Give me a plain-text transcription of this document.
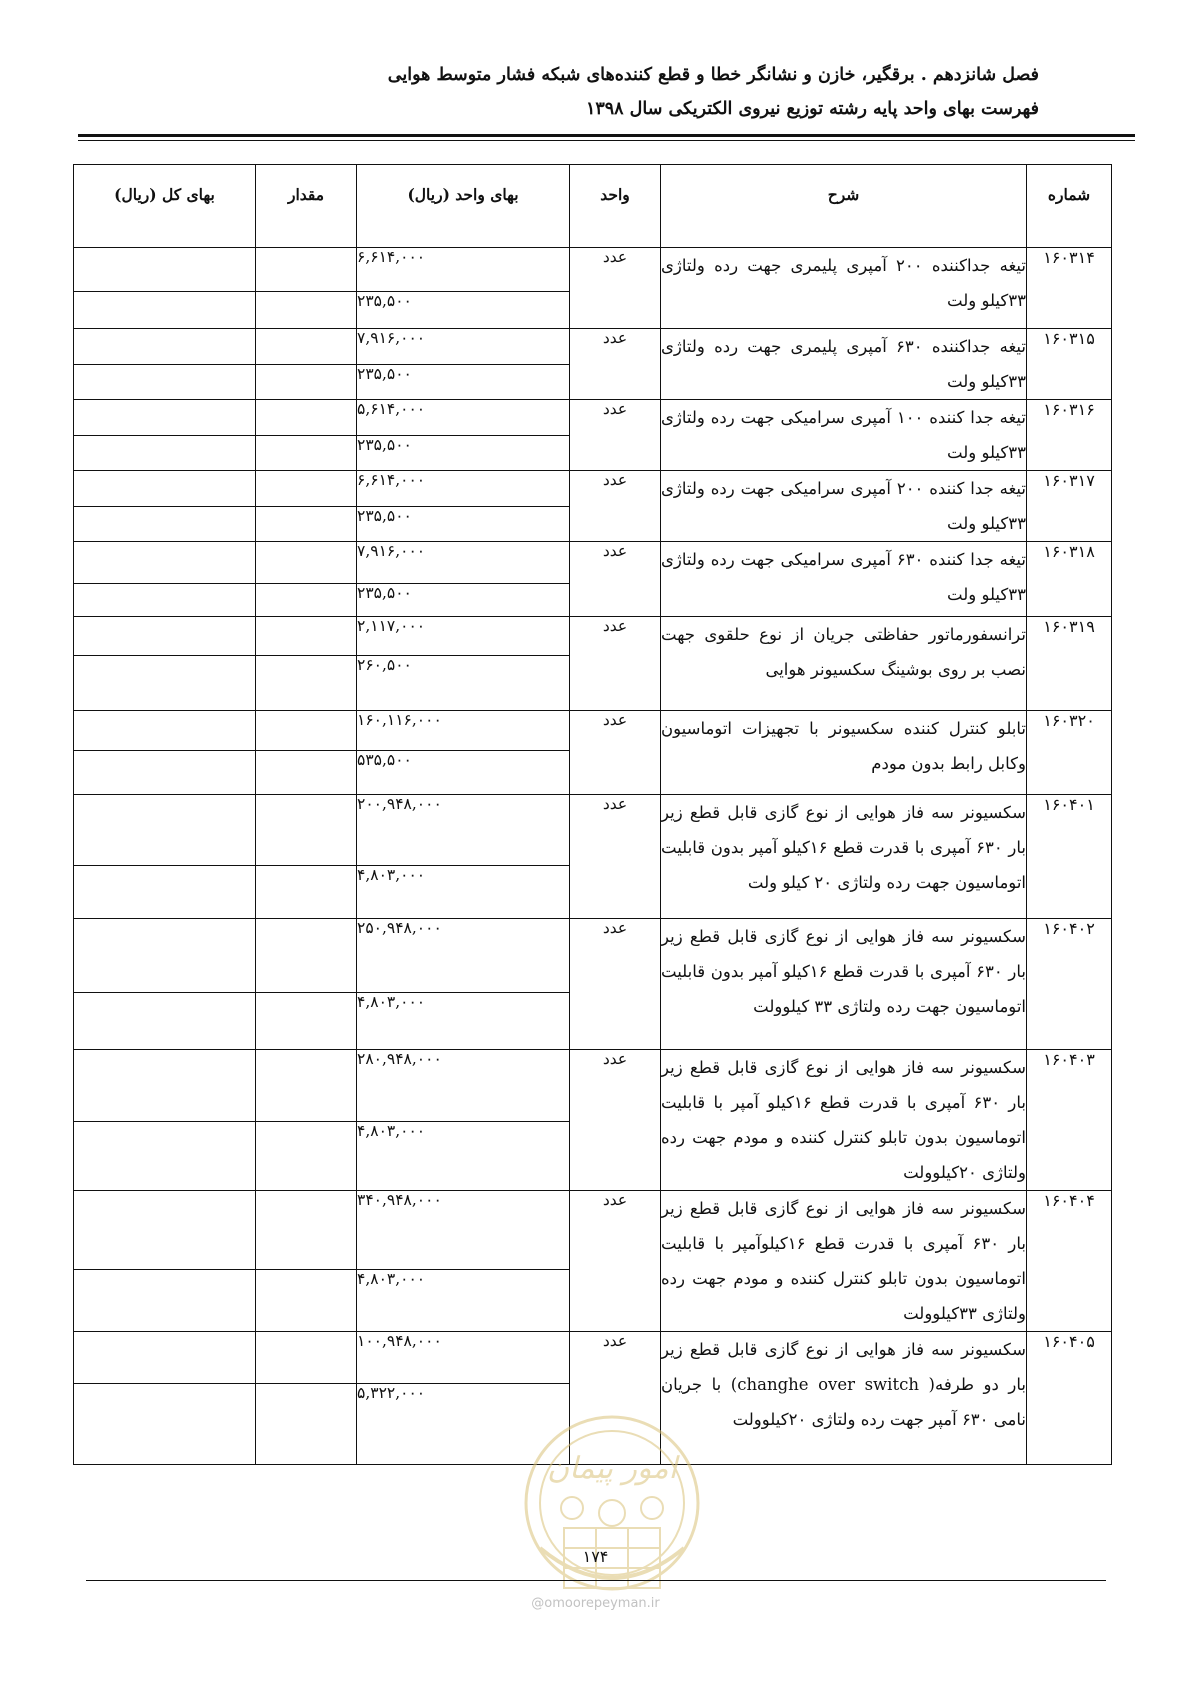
فصل شانزدهم . برقگیر، خازن و نشانگر خطا و قطع کننده‌های شبکه فشار متوسط هوایی
فهرست بهای واحد پایه رشته توزیع نیروی الکتریکی سال ۱۳۹۸
شماره	شرح	واحد	بهای واحد (ریال)	مقدار	بهای کل (ریال)
۱۶۰۳۱۴	تیغه جداکننده ۲۰۰ آمپری پلیمری جهت رده ولتاژی ۳۳کیلو ولت	عدد	۶,۶۱۴,۰۰۰		
			۲۳۵,۵۰۰		
۱۶۰۳۱۵	تیغه جداکننده ۶۳۰ آمپری پلیمری جهت رده ولتاژی ۳۳کیلو ولت	عدد	۷,۹۱۶,۰۰۰		
			۲۳۵,۵۰۰		
۱۶۰۳۱۶	تیغه جدا کننده ۱۰۰ آمپری سرامیکی جهت رده ولتاژی ۳۳کیلو ولت	عدد	۵,۶۱۴,۰۰۰		
			۲۳۵,۵۰۰		
۱۶۰۳۱۷	تیغه جدا کننده ۲۰۰ آمپری سرامیکی جهت رده ولتاژی ۳۳کیلو ولت	عدد	۶,۶۱۴,۰۰۰		
			۲۳۵,۵۰۰		
۱۶۰۳۱۸	تیغه جدا کننده ۶۳۰ آمپری سرامیکی جهت رده ولتاژی ۳۳کیلو ولت	عدد	۷,۹۱۶,۰۰۰		
			۲۳۵,۵۰۰		
۱۶۰۳۱۹	ترانسفورماتور حفاظتی جریان از نوع حلقوی جهت نصب بر روی بوشینگ سکسیونر هوایی	عدد	۲,۱۱۷,۰۰۰		
			۲۶۰,۵۰۰		
۱۶۰۳۲۰	تابلو کنترل کننده سکسیونر با تجهیزات اتوماسیون وکابل رابط بدون مودم	عدد	۱۶۰,۱۱۶,۰۰۰		
			۵۳۵,۵۰۰		
۱۶۰۴۰۱	سکسیونر سه فاز هوایی از نوع گازی قابل قطع زیر بار ۶۳۰ آمپری با قدرت قطع ۱۶کیلو آمپر بدون قابلیت اتوماسیون جهت رده ولتاژی ۲۰ کیلو ولت	عدد	۲۰۰,۹۴۸,۰۰۰		
			۴,۸۰۳,۰۰۰		
۱۶۰۴۰۲	سکسیونر سه فاز هوایی از نوع گازی قابل قطع زیر بار ۶۳۰ آمپری با قدرت قطع ۱۶کیلو آمپر بدون قابلیت اتوماسیون جهت رده ولتاژی ۳۳ کیلوولت	عدد	۲۵۰,۹۴۸,۰۰۰		
			۴,۸۰۳,۰۰۰		
۱۶۰۴۰۳	سکسیونر سه فاز هوایی از نوع گازی قابل قطع زیر بار ۶۳۰ آمپری با قدرت قطع ۱۶کیلو آمپر با قابلیت اتوماسیون بدون تابلو کنترل کننده و مودم جهت رده ولتاژی ۲۰کیلوولت	عدد	۲۸۰,۹۴۸,۰۰۰		
			۴,۸۰۳,۰۰۰		
۱۶۰۴۰۴	سکسیونر سه فاز هوایی از نوع گازی قابل قطع زیر بار ۶۳۰ آمپری با قدرت قطع ۱۶کیلوآمپر با قابلیت اتوماسیون بدون تابلو کنترل کننده و مودم جهت رده ولتاژی ۳۳کیلوولت	عدد	۳۴۰,۹۴۸,۰۰۰		
			۴,۸۰۳,۰۰۰		
۱۶۰۴۰۵	سکسیونر سه فاز هوایی از نوع گازی قابل قطع زیر بار دو طرفه( changhe over switch) با جریان نامی ۶۳۰ آمپر جهت رده ولتاژی ۲۰کیلوولت	عدد	۱۰۰,۹۴۸,۰۰۰		
			۵,۳۲۲,۰۰۰		
امور پیمان
۱۷۴
@omoorepeyman.ir
